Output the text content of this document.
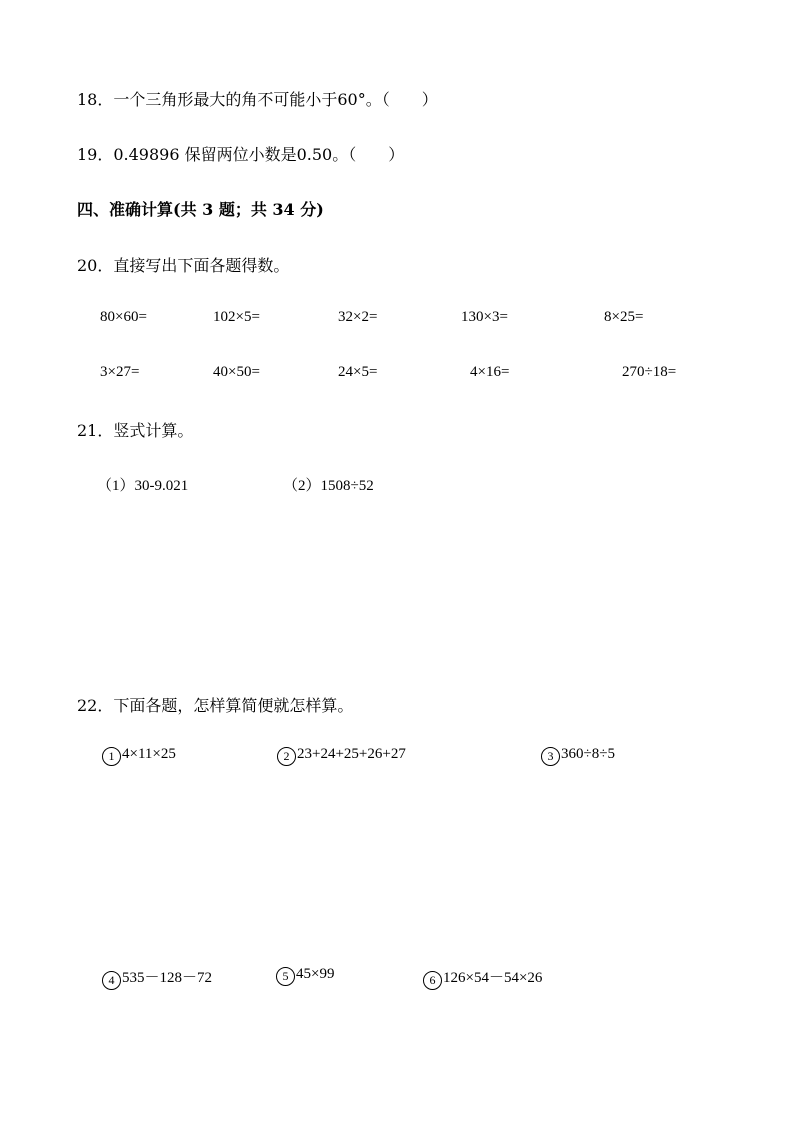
18．一个三角形最大的角不可能小于60°。（　　）
19．0.49896 保留两位小数是0.50。（　　）
四、准确计算(共 3 题；共 34 分)
20．直接写出下面各题得数。
80×60=	102×5=	32×2=	130×3=	8×25=
3×27=	40×50=	24×5=	4×16=	270÷18=
21．竖式计算。
（1）30-9.021	（2）1508÷52
22．下面各题，怎样算简便就怎样算。
1 4×11×25	2 23+24+25+26+27	3 360÷8÷5
4 535－128－72	5 45×99	6 126×54－54×26
